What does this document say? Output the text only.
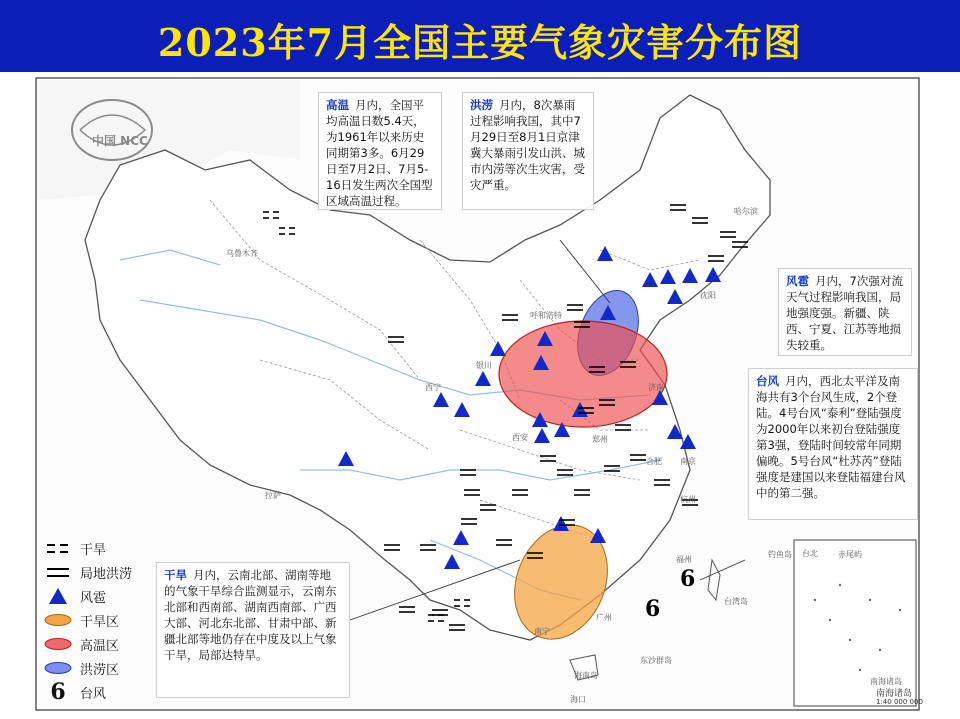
2023年7月全国主要气象灾害分布图
中国 NCC
高温 月内，全国平均高温日数5.4天，为1961年以来历史同期第3多。6月29日至7月2日、7月5-16日发生两次全国型区域高温过程。
洪涝 月内，8次暴雨过程影响我国，其中7月29日至8月1日京津冀大暴雨引发山洪、城市内涝等次生灾害，受灾严重。
风雹 月内，7次强对流天气过程影响我国，局地强度强。新疆、陕西、宁夏、江苏等地损失较重。
台风 月内，西北太平洋及南海共有3个台风生成，2个登陆。4号台风“泰利”登陆强度为2000年以来初台登陆强度第3强，登陆时间较常年同期偏晚。5号台风“杜苏芮”登陆强度是建国以来登陆福建台风中的第二强。
干旱 月内，云南北部、湖南等地的气象干旱综合监测显示，云南东北部和西南部、湖南西南部、广西大部、河北东北部、甘肃中部、新疆北部等地仍存在中度及以上气象干旱，局部达特旱。
6
6
哈尔滨
沈阳
乌鲁木齐
呼和浩特
银川
西宁
拉萨
郑州
西安
济南
南京
合肥
杭州
福州
台北
广州
南宁
海口
钓鱼岛	赤尾屿
台湾岛
东沙群岛
海南岛
南海诸岛
南海诸岛
1:40 000 000
干旱
局地洪涝
风雹
干旱区
高温区
洪涝区
6 台风
